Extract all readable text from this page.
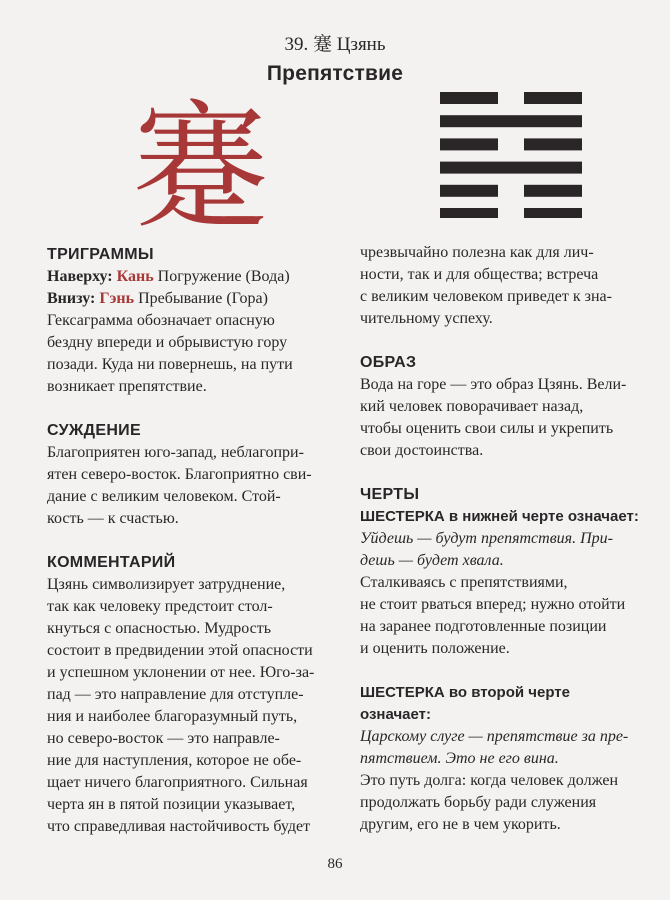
39. 蹇 Цзянь
Препятствие
蹇

ТРИГРАММЫ

Наверху: Кань Погружение (Вода)

Внизу: Гэнь Пребывание (Гора)

Гексаграмма обозначает опасную

бездну впереди и обрывистую гору

позади. Куда ни повернешь, на пути

возникает препятствие.

СУЖДЕНИЕ

Благоприятен юго-запад, неблагопри-

ятен северо-восток. Благоприятно сви-

дание с великим человеком. Стой-

кость — к счастью.

КОММЕНТАРИЙ

Цзянь символизирует затруднение,

так как человеку предстоит стол-

кнуться с опасностью. Мудрость

состоит в предвидении этой опасности

и успешном уклонении от нее. Юго-за-

пад — это направление для отступле-

ния и наиболее благоразумный путь,

но северо-восток — это направле-

ние для наступления, которое не обе-

щает ничего благоприятного. Сильная

черта ян в пятой позиции указывает,

что справедливая настойчивость будет

чрезвычайно полезна как для лич-

ности, так и для общества; встреча

с великим человеком приведет к зна-

чительному успеху.

ОБРАЗ

Вода на горе — это образ Цзянь. Вели-

кий человек поворачивает назад,

чтобы оценить свои силы и укрепить

свои достоинства.

ЧЕРТЫ

ШЕСТЕРКА в нижней черте означает:

Уйдешь — будут препятствия. При-

дешь — будет хвала.

Сталкиваясь с препятствиями,

не стоит рваться вперед; нужно отойти

на заранее подготовленные позиции

и оценить положение.

ШЕСТЕРКА во второй черте

означает:

Царскому слуге — препятствие за пре-

пятствием. Это не его вина.

Это путь долга: когда человек должен

продолжать борьбу ради служения

другим, его не в чем укорить.

86
